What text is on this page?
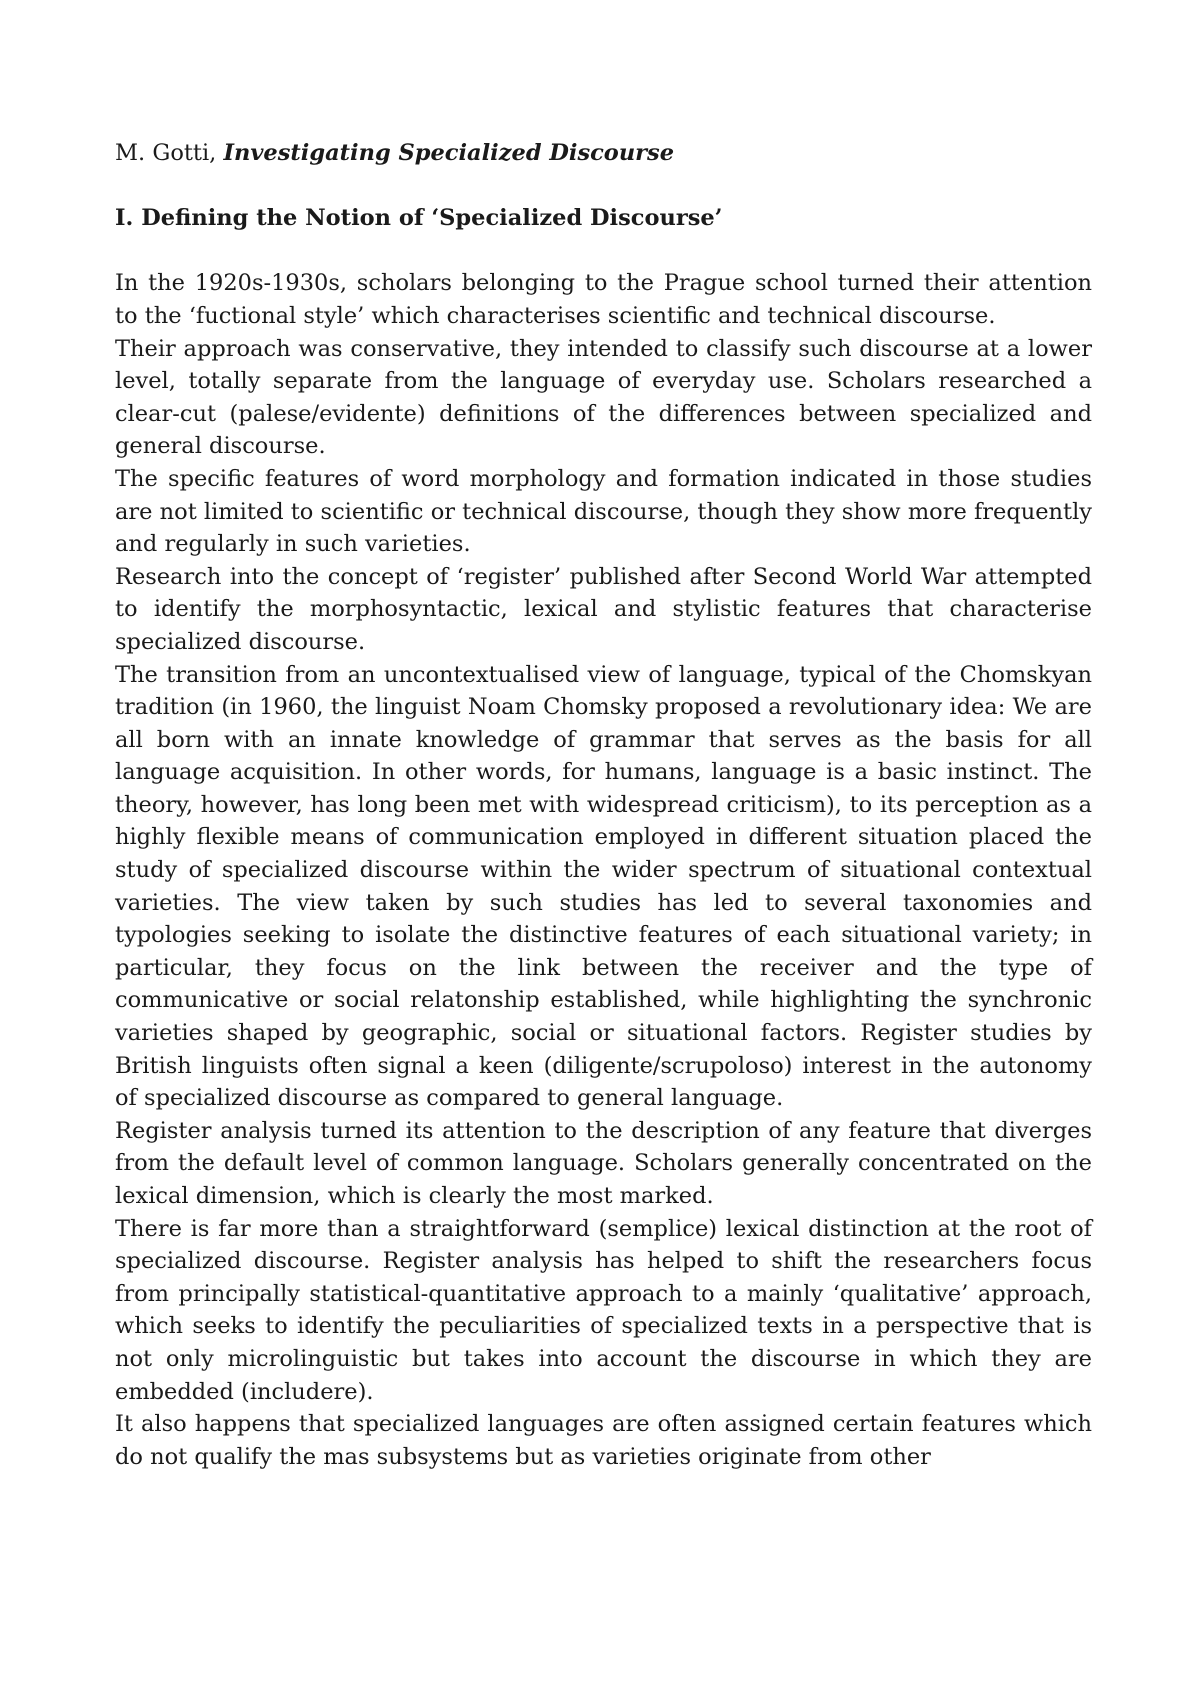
M. Gotti, Investigating Specialized Discourse

I. Defining the Notion of ‘Specialized Discourse’

In the 1920s-1930s, scholars belonging to the Prague school turned their attention to the ‘fuctional style’ which characterises scientific and technical discourse.

Their approach was conservative, they intended to classify such discourse at a lower level, totally separate from the language of everyday use. Scholars researched a clear-cut (palese/evidente) definitions of the differences between specialized and general discourse.

The specific features of word morphology and formation indicated in those studies are not limited to scientific or technical discourse, though they show more frequently and regularly in such varieties.

Research into the concept of ‘register’ published after Second World War attempted to identify the morphosyntactic, lexical and stylistic features that characterise specialized discourse.

The transition from an uncontextualised view of language, typical of the Chomskyan tradition (in 1960, the linguist Noam Chomsky proposed a revolutionary idea: We are all born with an innate knowledge of grammar that serves as the basis for all language acquisition. In other words, for humans, language is a basic instinct. The theory, however, has long been met with widespread criticism), to its perception as a highly flexible means of communication employed in different situation placed the study of specialized discourse within the wider spectrum of situational contextual varieties. The view taken by such studies has led to several taxonomies and typologies seeking to isolate the distinctive features of each situational variety; in particular, they focus on the link between the receiver and the type of communicative or social relatonship established, while highlighting the synchronic varieties shaped by geographic, social or situational factors. Register studies by British linguists often signal a keen (diligente/scrupoloso) interest in the autonomy of specialized discourse as compared to general language.

Register analysis turned its attention to the description of any feature that diverges from the default level of common language. Scholars generally concentrated on the lexical dimension, which is clearly the most marked.

There is far more than a straightforward (semplice) lexical distinction at the root of specialized discourse. Register analysis has helped to shift the researchers focus from principally statistical-quantitative approach to a mainly ‘qualitative’ approach, which seeks to identify the peculiarities of specialized texts in a perspective that is not only microlinguistic but takes into account the discourse in which they are embedded (includere).

It also happens that specialized languages are often assigned certain features which do not qualify the mas subsystems but as varieties originate from other
